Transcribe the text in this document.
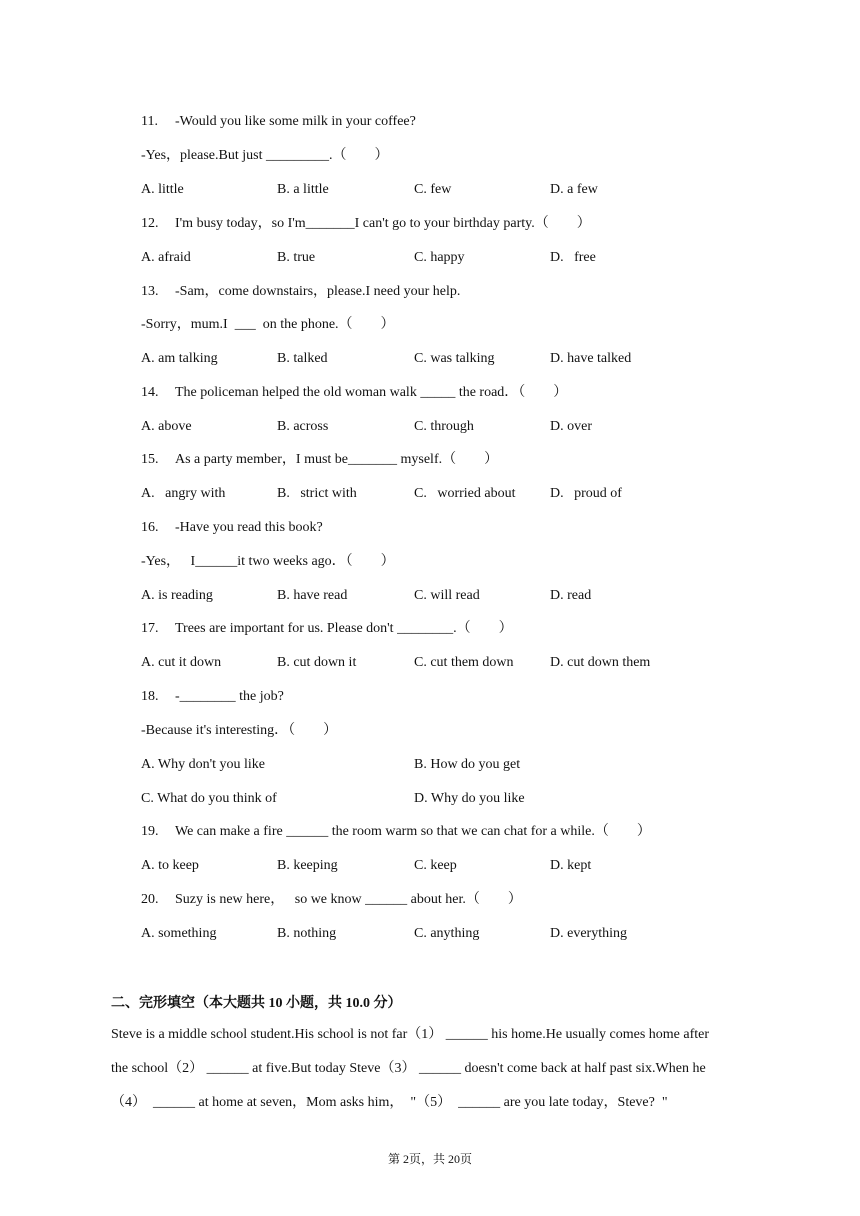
11. -Would you like some milk in your coffee?
-Yes，please.But just _________.（　　）
A. little	B. a little	C. few	D. a few
12. I'm busy today，so I'm_______I can't go to your birthday party.（　　）
A. afraid	B. true	C. happy	D.   free
13. -Sam，come downstairs，please.I need your help.
-Sorry，mum.I  ___  on the phone.（　　）
A. am talking	B. talked	C. was talking	D. have talked
14. The policeman helped the old woman walk _____ the road．（　　）
A. above	B. across	C. through	D. over
15. As a party member，I must be_______ myself.（　　）
A.   angry with	B.   strict with	C.   worried about D.   proud of
16. -Have you read this book?
-Yes，   I______it two weeks ago．（　　）
A. is reading	B. have read	C. will read	D. read
17. Trees are important for us. Please don't ________.（　　）
A. cut it down	B. cut down it	C. cut them down	D. cut down them
18. -________ the job?
-Because it's interesting．（　　）
A. Why don't you like	B. How do you get
C. What do you think of	D. Why do you like
19. We can make a fire ______ the room warm so that we can chat for a while.（　　）
A. to keep	B. keeping	C. keep	D. kept
20. Suzy is new here，   so we know ______ about her.（　　）
A. something	B. nothing	C. anything	D. everything
二、完形填空（本大题共 10 小题，共 10.0 分）
Steve is a middle school student.His school is not far（1） ______ his home.He usually comes home after
the school（2） ______ at five.But today Steve（3） ______ doesn't come back at half past six.When he
（4）  ______ at home at seven，Mom asks him，  "（5）  ______ are you late today，Steve?  "
第 2页，共 20页
